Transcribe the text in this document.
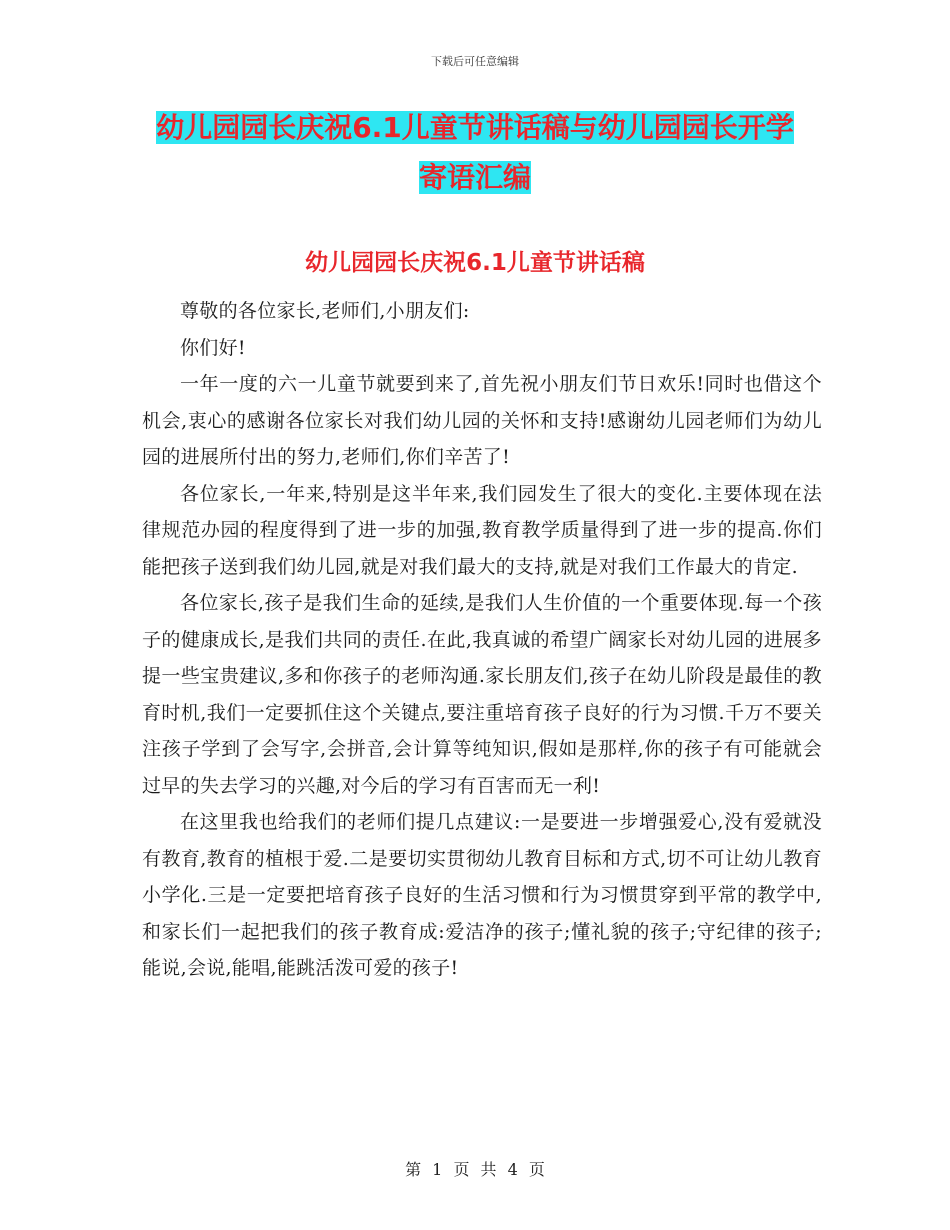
下载后可任意编辑
幼儿园园长庆祝6.1儿童节讲话稿与幼儿园园长开学
寄语汇编
幼儿园园长庆祝6.1儿童节讲话稿

尊敬的各位家长,老师们,小朋友们:

你们好!

一年一度的六一儿童节就要到来了,首先祝小朋友们节日欢乐!同时也借这个机会,衷心的感谢各位家长对我们幼儿园的关怀和支持!感谢幼儿园老师们为幼儿园的进展所付出的努力,老师们,你们辛苦了!

各位家长,一年来,特别是这半年来,我们园发生了很大的变化.主要体现在法律规范办园的程度得到了进一步的加强,教育教学质量得到了进一步的提高.你们能把孩子送到我们幼儿园,就是对我们最大的支持,就是对我们工作最大的肯定.

各位家长,孩子是我们生命的延续,是我们人生价值的一个重要体现.每一个孩子的健康成长,是我们共同的责任.在此,我真诚的希望广阔家长对幼儿园的进展多提一些宝贵建议,多和你孩子的老师沟通.家长朋友们,孩子在幼儿阶段是最佳的教育时机,我们一定要抓住这个关键点,要注重培育孩子良好的行为习惯.千万不要关注孩子学到了会写字,会拼音,会计算等纯知识,假如是那样,你的孩子有可能就会过早的失去学习的兴趣,对今后的学习有百害而无一利!

在这里我也给我们的老师们提几点建议:一是要进一步增强爱心,没有爱就没有教育,教育的植根于爱.二是要切实贯彻幼儿教育目标和方式,切不可让幼儿教育小学化.三是一定要把培育孩子良好的生活习惯和行为习惯贯穿到平常的教学中,和家长们一起把我们的孩子教育成:爱洁净的孩子;懂礼貌的孩子;守纪律的孩子;能说,会说,能唱,能跳活泼可爱的孩子!

第 1 页 共 4 页
